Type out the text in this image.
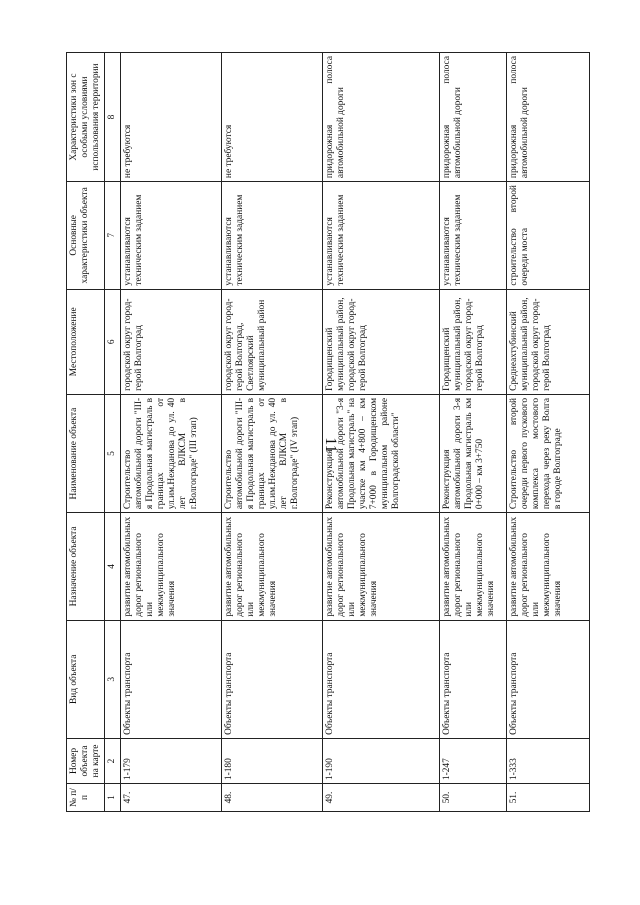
11
№ п/п	Номер объекта на карте	Вид объекта	Назначение объекта	Наименование объекта	Местоположение	Основные характеристики объекта	Характеристики зон с особыми условиями использования территории
1	2	3	4	5	6	7	8
47.	1-179	Объекты транспорта	развитие автомобильных дорог регионального или межмуниципального значения	Строительство автомобильной дороги "III-я Продольная магистраль в границах от ул.им.Нежданова до ул. 40 лет ВЛКСМ в г.Волгограде" (III этап)	городской округ город-герой Волгоград	устанавливаются техническим заданием	не требуются
48.	1-180	Объекты транспорта	развитие автомобильных дорог регионального или межмуниципального значения	Строительство автомобильной дороги "III-я Продольная магистраль в границах от ул.им.Нежданова до ул. 40 лет ВЛКСМ в г.Волгограде" (IV этап)	городской округ город-герой Волгоград, Светлоярский муниципальный район	устанавливаются техническим заданием	не требуются
49.	1-190	Объекты транспорта	развитие автомобильных дорог регионального или межмуниципального значения	Реконструкция автомобильной дороги "3-я Продольная магистраль" на участке км 4+800 – км 7+000 в Городищенском муниципальном районе Волгоградской области"	Городищенский муниципальный район, городской округ город-герой Волгоград	устанавливаются техническим заданием	придорожная полоса автомобильной дороги
50.	1-247	Объекты транспорта	развитие автомобильных дорог регионального или межмуниципального значения	Реконструкция автомобильной дороги 3-я Продольная магистраль км 0+000 – км 3+750	Городищенский муниципальный район, городской округ город-герой Волгоград	устанавливаются техническим заданием	придорожная полоса автомобильной дороги
51.	1-333	Объекты транспорта	развитие автомобильных дорог регионального или межмуниципального значения	Строительство второй очереди первого пускового комплекса мостового перехода через реку Волга в городе Волгограде	Среднеахтубинский муниципальный район, городской округ город-герой Волгоград	строительство второй очереди моста	придорожная полоса автомобильной дороги
